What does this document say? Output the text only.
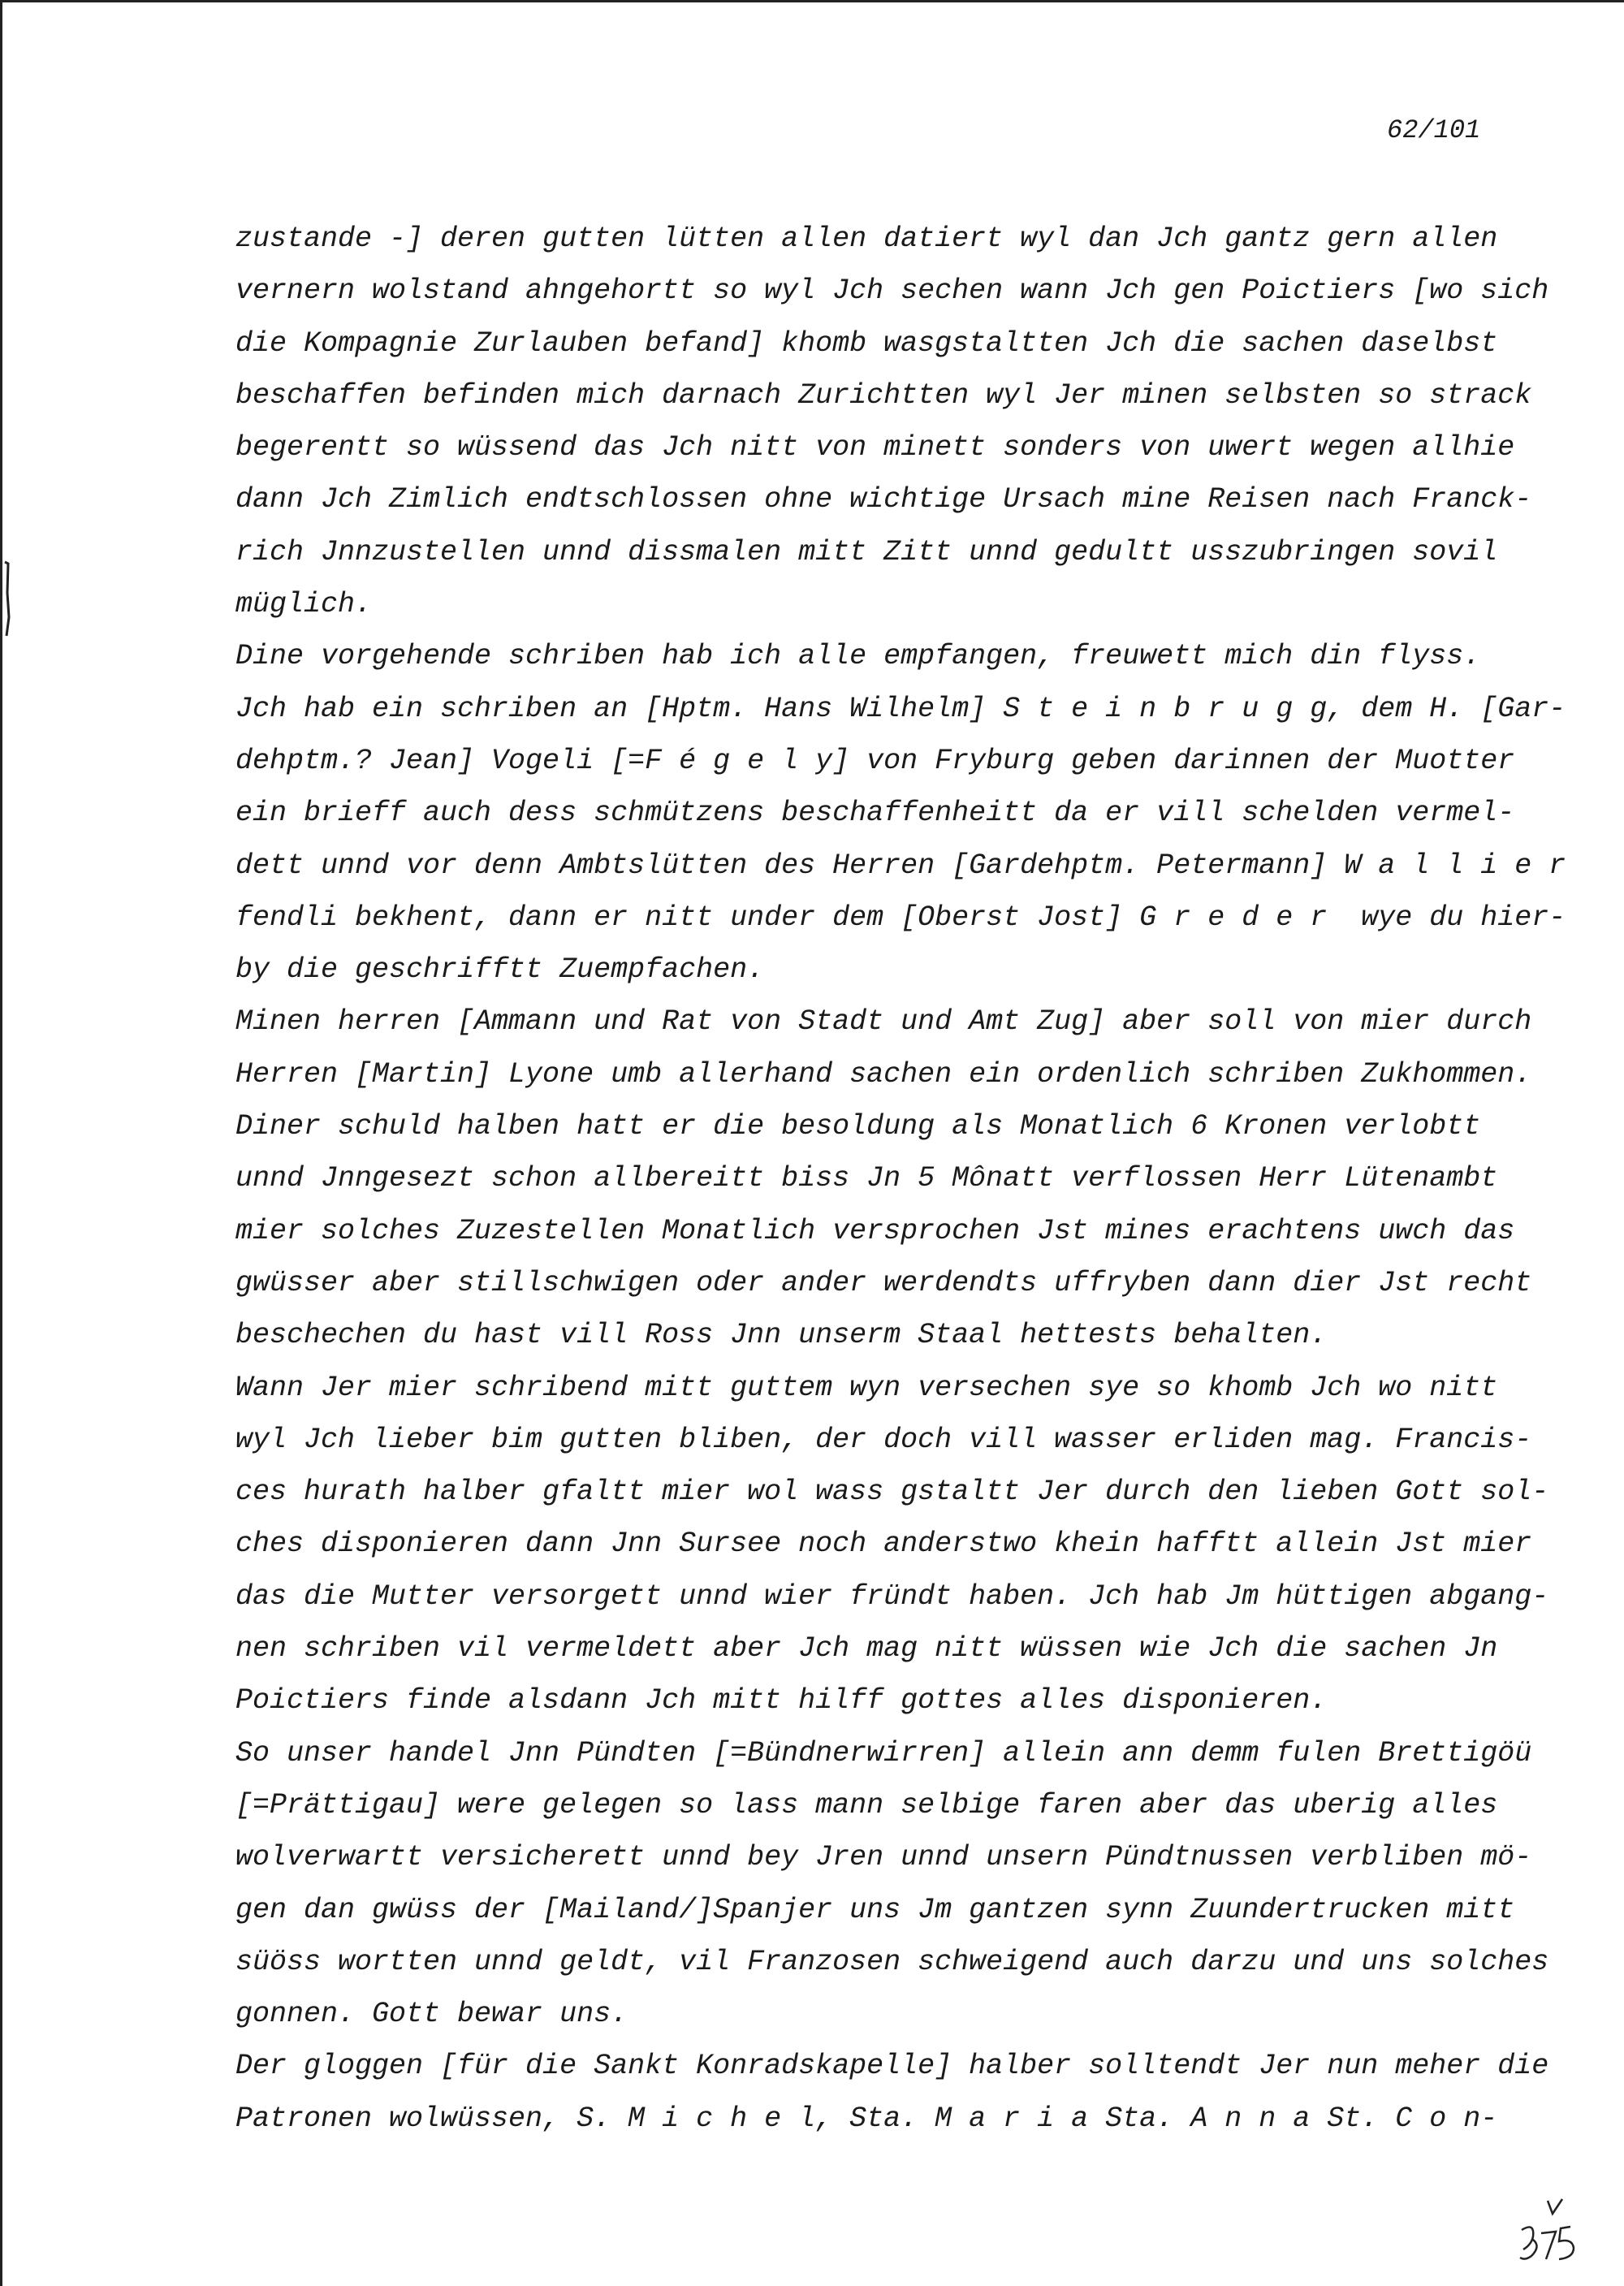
62/101
zustande -] deren gutten lütten allen datiert wyl dan Jch gantz gern allen
vernern wolstand ahngehortt so wyl Jch sechen wann Jch gen Poictiers [wo sich
die Kompagnie Zurlauben befand] khomb wasgstaltten Jch die sachen daselbst
beschaffen befinden mich darnach Zurichtten wyl Jer minen selbsten so strack
begerentt so wüssend das Jch nitt von minett sonders von uwert wegen allhie
dann Jch Zimlich endtschlossen ohne wichtige Ursach mine Reisen nach Franck-
rich Jnnzustellen unnd dissmalen mitt Zitt unnd gedultt usszubringen sovil
müglich.
Dine vorgehende schriben hab ich alle empfangen, freuwett mich din flyss.
Jch hab ein schriben an [Hptm. Hans Wilhelm] S t e i n b r u g g, dem H. [Gar-
dehptm.? Jean] Vogeli [=F é g e l y] von Fryburg geben darinnen der Muotter
ein brieff auch dess schmützens beschaffenheitt da er vill schelden vermel-
dett unnd vor denn Ambtslütten des Herren [Gardehptm. Petermann] W a l l i e r
fendli bekhent, dann er nitt under dem [Oberst Jost] G r e d e r  wye du hier-
by die geschrifftt Zuempfachen.
Minen herren [Ammann und Rat von Stadt und Amt Zug] aber soll von mier durch
Herren [Martin] Lyone umb allerhand sachen ein ordenlich schriben Zukhommen.
Diner schuld halben hatt er die besoldung als Monatlich 6 Kronen verlobtt
unnd Jnngesezt schon allbereitt biss Jn 5 Mônatt verflossen Herr Lütenambt
mier solches Zuzestellen Monatlich versprochen Jst mines erachtens uwch das
gwüsser aber stillschwigen oder ander werdendts uffryben dann dier Jst recht
beschechen du hast vill Ross Jnn unserm Staal hettests behalten.
Wann Jer mier schribend mitt guttem wyn versechen sye so khomb Jch wo nitt
wyl Jch lieber bim gutten bliben, der doch vill wasser erliden mag. Francis-
ces hurath halber gfaltt mier wol wass gstaltt Jer durch den lieben Gott sol-
ches disponieren dann Jnn Sursee noch anderstwo khein hafftt allein Jst mier
das die Mutter versorgett unnd wier fründt haben. Jch hab Jm hüttigen abgang-
nen schriben vil vermeldett aber Jch mag nitt wüssen wie Jch die sachen Jn
Poictiers finde alsdann Jch mitt hilff gottes alles disponieren.
So unser handel Jnn Pündten [=Bündnerwirren] allein ann demm fulen Brettigöü
[=Prättigau] were gelegen so lass mann selbige faren aber das uberig alles
wolverwartt versicherett unnd bey Jren unnd unsern Pündtnussen verbliben mö-
gen dan gwüss der [Mailand/]Spanjer uns Jm gantzen synn Zuundertrucken mitt
süöss wortten unnd geldt, vil Franzosen schweigend auch darzu und uns solches
gonnen. Gott bewar uns.
Der gloggen [für die Sankt Konradskapelle] halber solltendt Jer nun meher die
Patronen wolwüssen, S. M i c h e l, Sta. M a r i a Sta. A n n a St. C o n-
